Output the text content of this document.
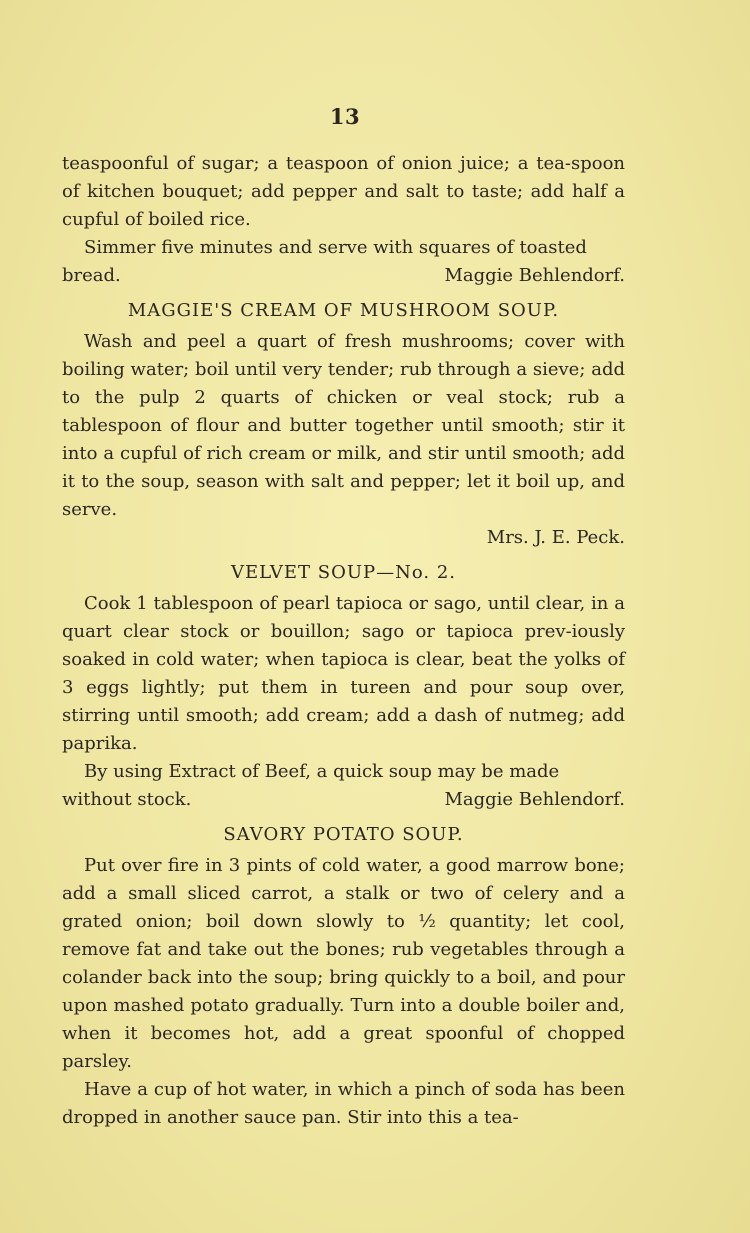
13

teaspoonful of sugar; a teaspoon of onion juice; a tea-spoon of kitchen bouquet; add pepper and salt to taste; add half a cupful of boiled rice.

Simmer five minutes and serve with squares of toasted

bread.	Maggie Behlendorf.
MAGGIE'S CREAM OF MUSHROOM SOUP.

Wash and peel a quart of fresh mushrooms; cover with boiling water; boil until very tender; rub through a sieve; add to the pulp 2 quarts of chicken or veal stock; rub a tablespoon of flour and butter together until smooth; stir it into a cupful of rich cream or milk, and stir until smooth; add it to the soup, season with salt and pepper; let it boil up, and serve.

Mrs. J. E. Peck.
VELVET SOUP—No. 2.

Cook 1 tablespoon of pearl tapioca or sago, until clear, in a quart clear stock or bouillon; sago or tapioca prev-iously soaked in cold water; when tapioca is clear, beat the yolks of 3 eggs lightly; put them in tureen and pour soup over, stirring until smooth; add cream; add a dash of nutmeg; add paprika.

By using Extract of Beef, a quick soup may be made

without stock.	Maggie Behlendorf.
SAVORY POTATO SOUP.

Put over fire in 3 pints of cold water, a good marrow bone; add a small sliced carrot, a stalk or two of celery and a grated onion; boil down slowly to ½ quantity; let cool, remove fat and take out the bones; rub vegetables through a colander back into the soup; bring quickly to a boil, and pour upon mashed potato gradually. Turn into a double boiler and, when it becomes hot, add a great spoonful of chopped parsley.

Have a cup of hot water, in which a pinch of soda has been dropped in another sauce pan. Stir into this a tea-
